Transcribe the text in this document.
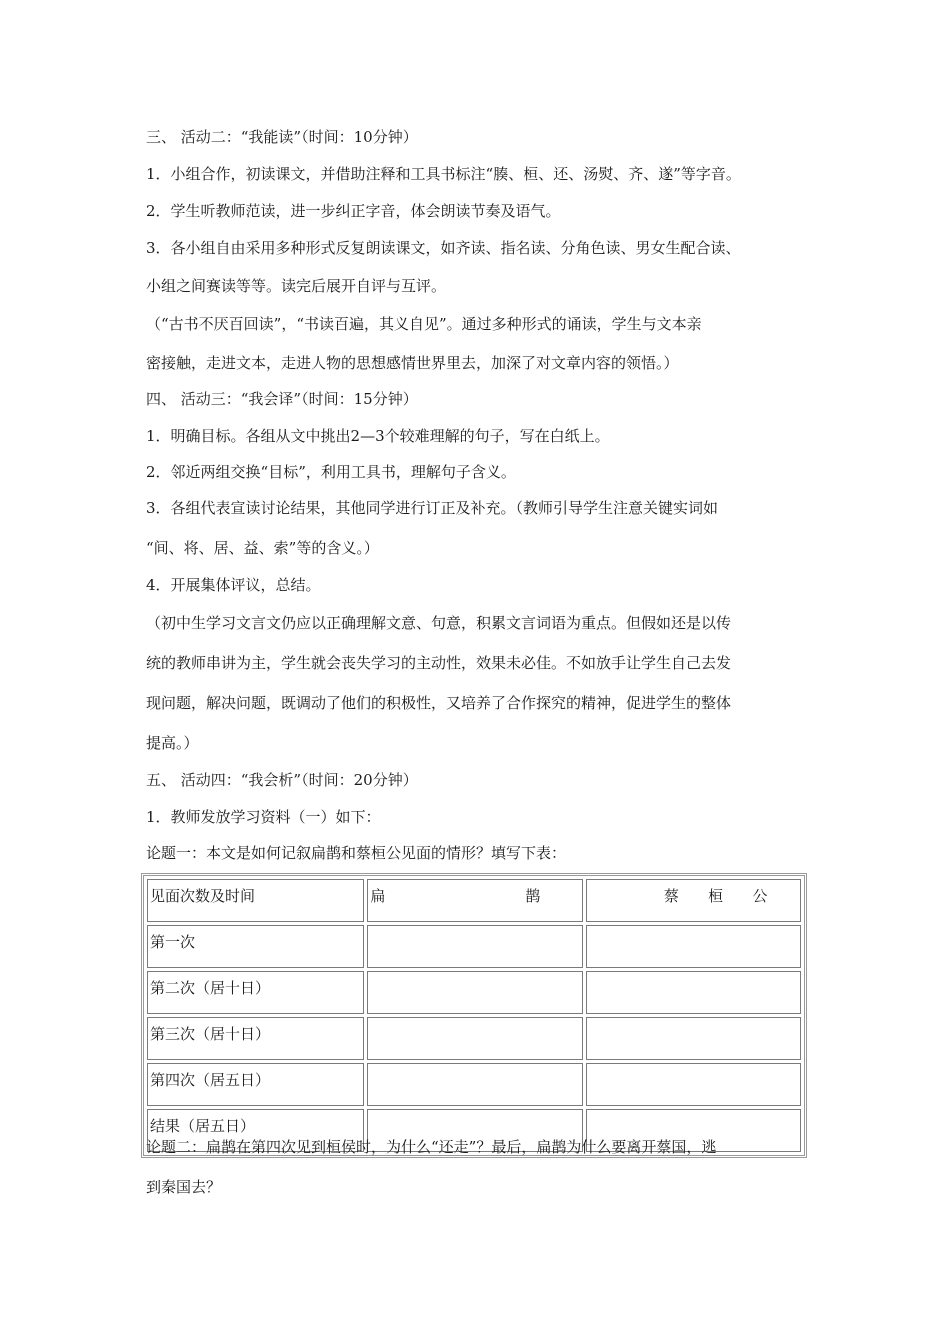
三、 活动二：“我能读”（时间：10分钟）
1．小组合作，初读课文，并借助注释和工具书标注“腠、桓、还、汤熨、齐、遂”等字音。
2．学生听教师范读，进一步纠正字音，体会朗读节奏及语气。
3．各小组自由采用多种形式反复朗读课文，如齐读、指名读、分角色读、男女生配合读、
小组之间赛读等等。读完后展开自评与互评。
（“古书不厌百回读”，“书读百遍，其义自见”。通过多种形式的诵读，学生与文本亲
密接触，走进文本，走进人物的思想感情世界里去，加深了对文章内容的领悟。）
四、 活动三：“我会译”（时间：15分钟）
1．明确目标。各组从文中挑出2—3个较难理解的句子，写在白纸上。
2．邻近两组交换“目标”，利用工具书，理解句子含义。
3．各组代表宣读讨论结果，其他同学进行订正及补充。（教师引导学生注意关键实词如
“间、将、居、益、索”等的含义。）
4．开展集体评议，总结。
（初中生学习文言文仍应以正确理解文意、句意，积累文言词语为重点。但假如还是以传
统的教师串讲为主，学生就会丧失学习的主动性，效果未必佳。不如放手让学生自己去发
现问题，解决问题，既调动了他们的积极性，又培养了合作探究的精神，促进学生的整体
提高。）
五、 活动四：“我会析”（时间：20分钟）
1．教师发放学习资料（一）如下：
论题一：本文是如何记叙扁鹊和蔡桓公见面的情形？填写下表：
见面次数及时间	扁 鹊	蔡 桓 公

第一次		
第二次（居十日）		
第三次（居十日）		
第四次（居五日）		
结果（居五日）		
论题二：扁鹊在第四次见到桓侯时，为什么“还走”？最后，扁鹊为什么要离开蔡国，逃
到秦国去？
